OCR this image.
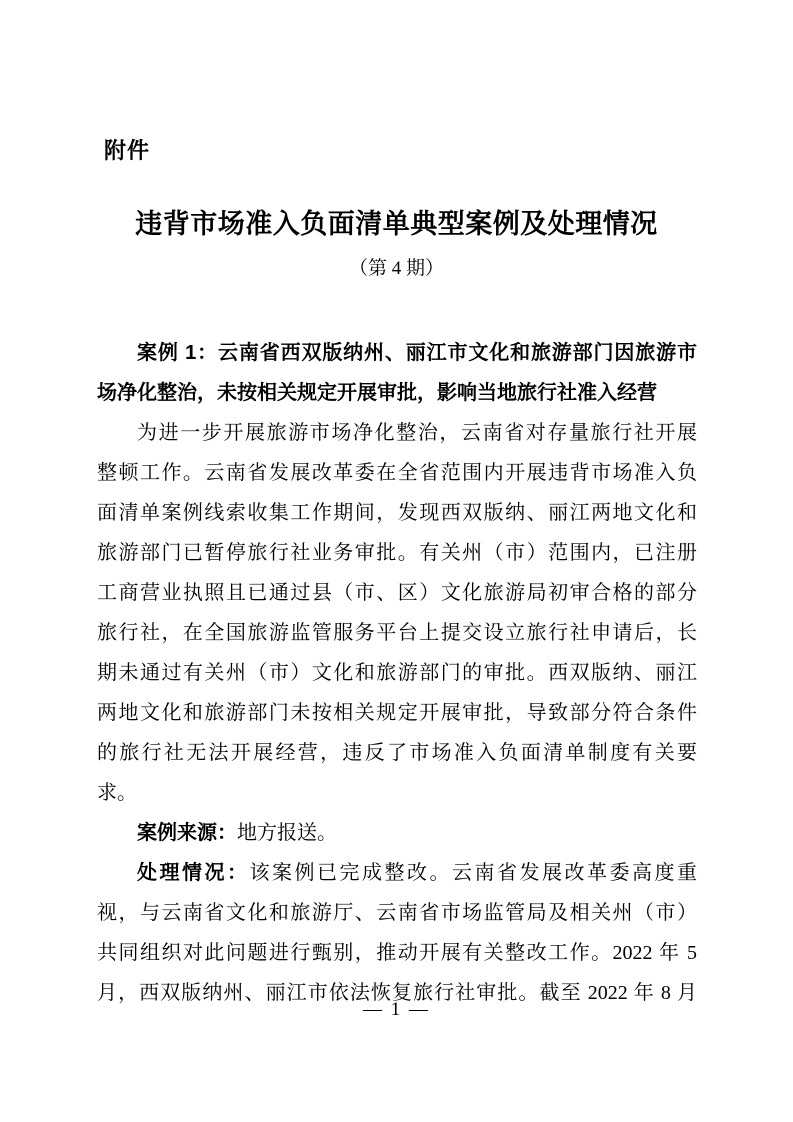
附件
违背市场准入负面清单典型案例及处理情况
（第 4 期）
案例 1：云南省西双版纳州、丽江市文化和旅游部门因旅游市
场净化整治，未按相关规定开展审批，影响当地旅行社准入经营
为进一步开展旅游市场净化整治，云南省对存量旅行社开展
整顿工作。云南省发展改革委在全省范围内开展违背市场准入负
面清单案例线索收集工作期间，发现西双版纳、丽江两地文化和
旅游部门已暂停旅行社业务审批。有关州（市）范围内，已注册
工商营业执照且已通过县（市、区）文化旅游局初审合格的部分
旅行社，在全国旅游监管服务平台上提交设立旅行社申请后，长
期未通过有关州（市）文化和旅游部门的审批。西双版纳、丽江
两地文化和旅游部门未按相关规定开展审批，导致部分符合条件
的旅行社无法开展经营，违反了市场准入负面清单制度有关要
求。
案例来源：地方报送。
处理情况：该案例已完成整改。云南省发展改革委高度重
视，与云南省文化和旅游厅、云南省市场监管局及相关州（市）
共同组织对此问题进行甄别，推动开展有关整改工作。2022 年 5
月，西双版纳州、丽江市依法恢复旅行社审批。截至 2022 年 8 月
— 1 —
